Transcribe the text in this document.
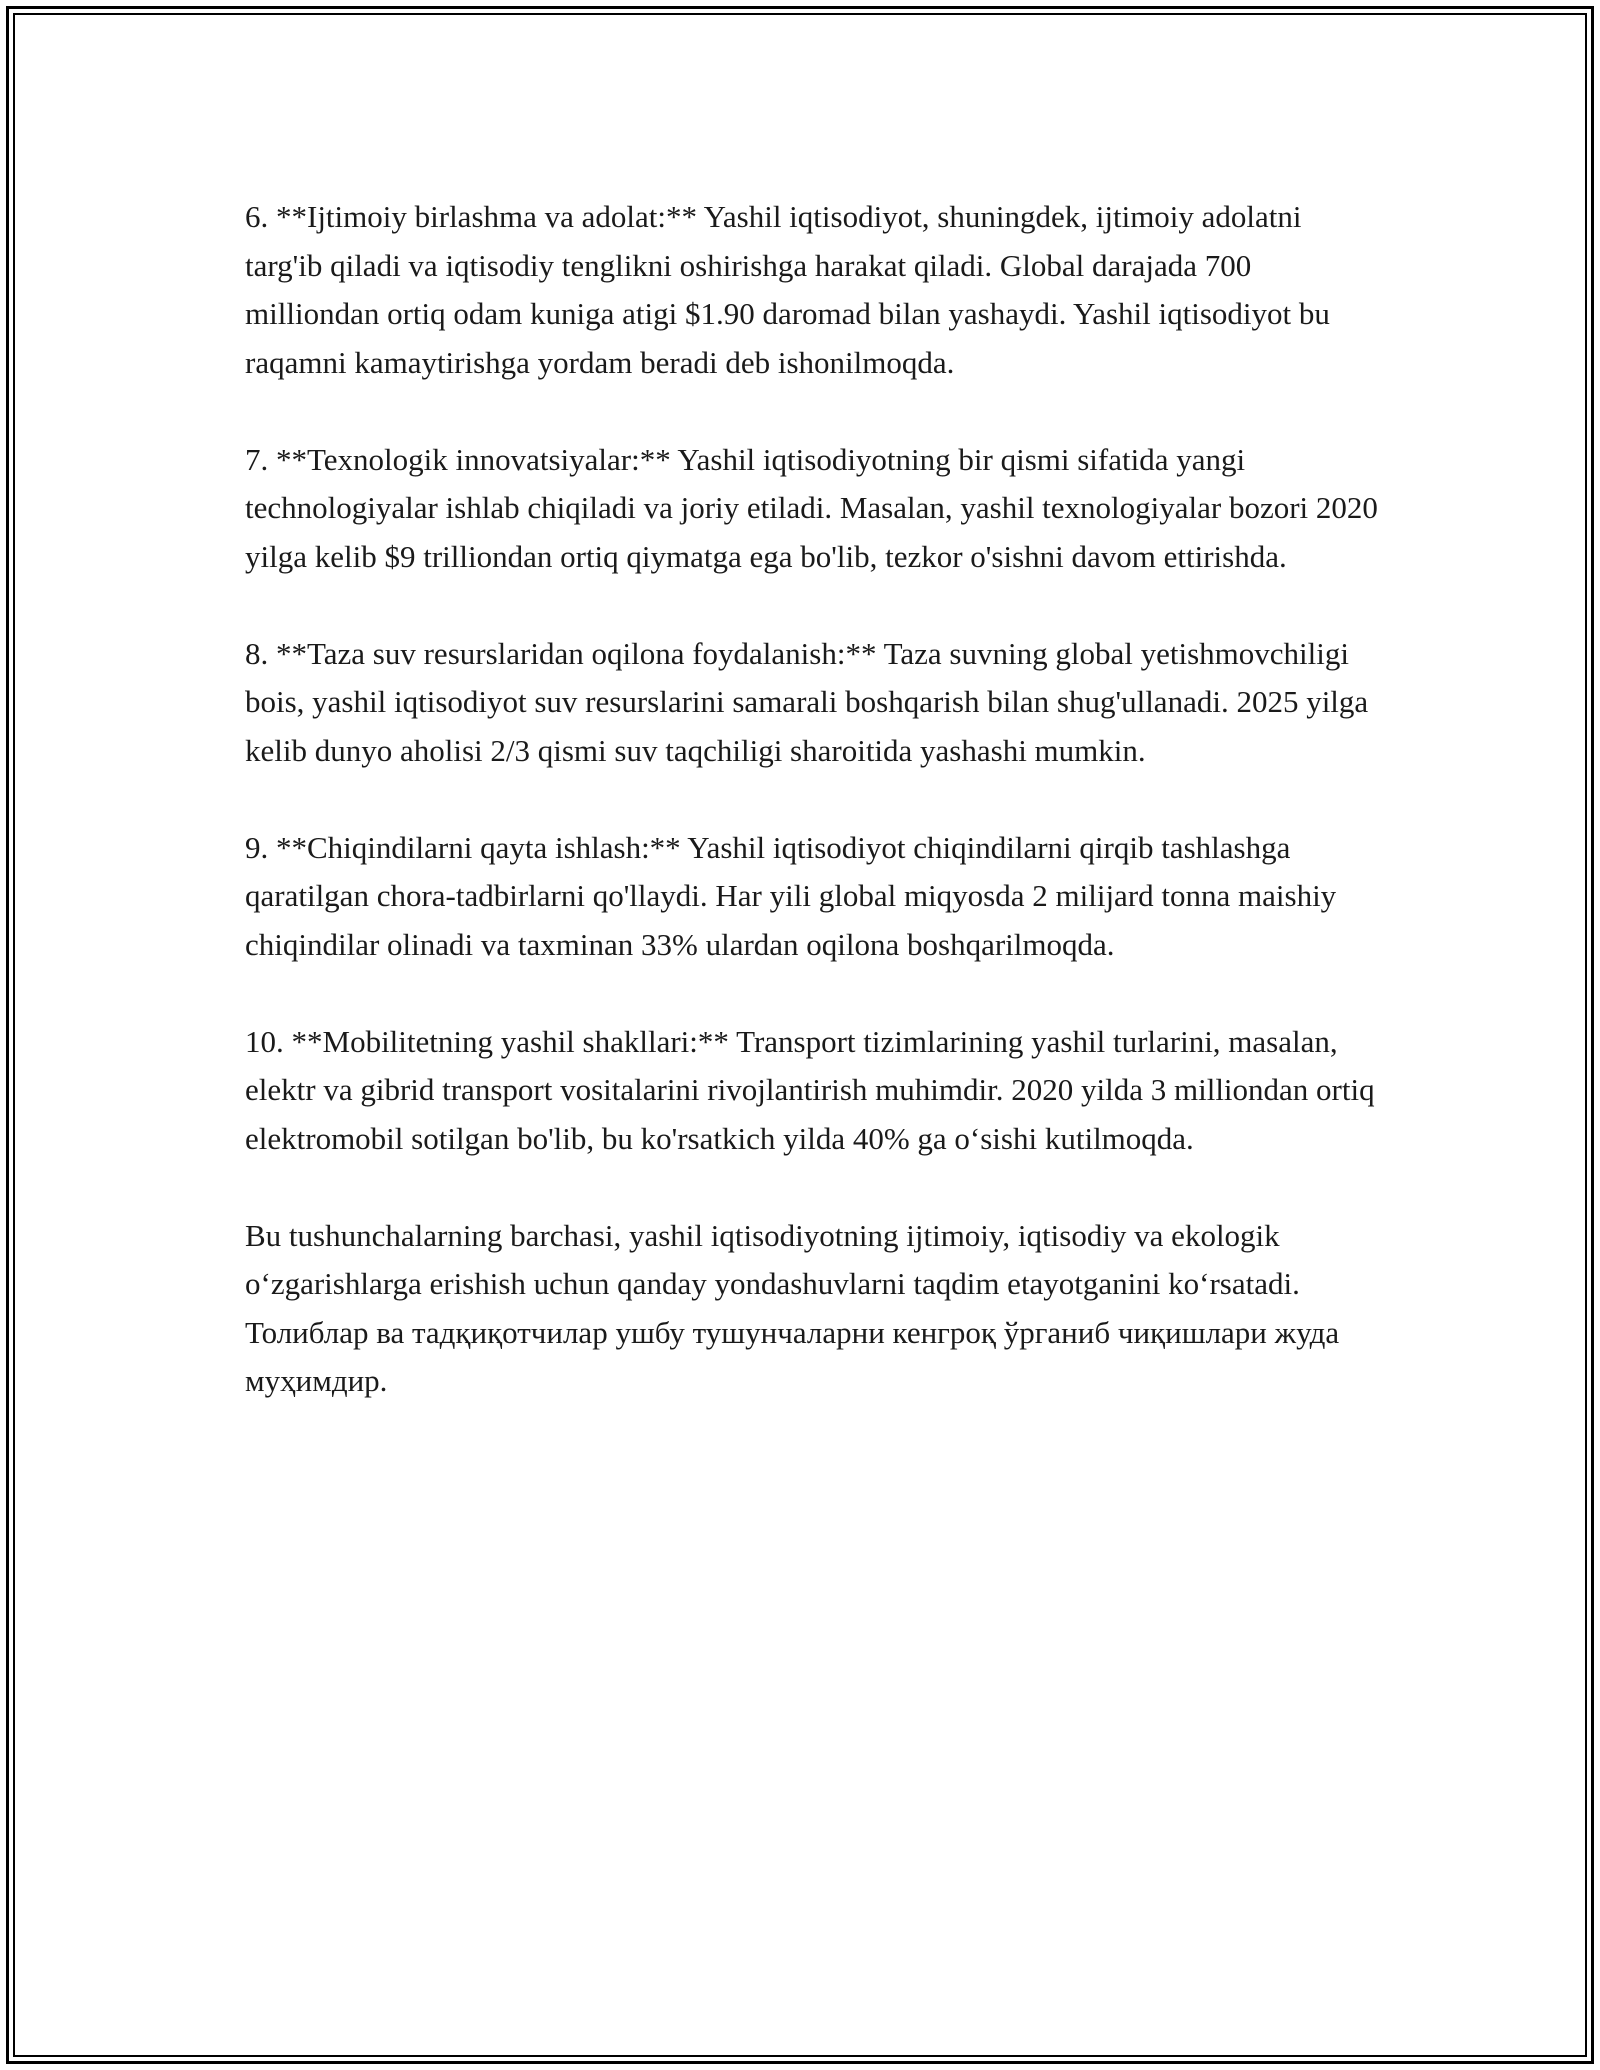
6. **Ijtimoiy birlashma va adolat:** Yashil iqtisodiyot, shuningdek, ijtimoiy adolatni targ'ib qiladi va iqtisodiy tenglikni oshirishga harakat qiladi. Global darajada 700 milliondan ortiq odam kuniga atigi $1.90 daromad bilan yashaydi. Yashil iqtisodiyot bu raqamni kamaytirishga yordam beradi deb ishonilmoqda.

7. **Texnologik innovatsiyalar:** Yashil iqtisodiyotning bir qismi sifatida yangi technologiyalar ishlab chiqiladi va joriy etiladi. Masalan, yashil texnologiyalar bozori 2020 yilga kelib $9 trilliondan ortiq qiymatga ega bo'lib, tezkor o'sishni davom ettirishda.

8. **Taza suv resurslaridan oqilona foydalanish:** Taza suvning global yetishmovchiligi bois, yashil iqtisodiyot suv resurslarini samarali boshqarish bilan shug'ullanadi. 2025 yilga kelib dunyo aholisi 2/3 qismi suv taqchiligi sharoitida yashashi mumkin.

9. **Chiqindilarni qayta ishlash:** Yashil iqtisodiyot chiqindilarni qirqib tashlashga qaratilgan chora-tadbirlarni qo'llaydi. Har yili global miqyosda 2 milijard tonna maishiy chiqindilar olinadi va taxminan 33% ulardan oqilona boshqarilmoqda.

10. **Mobilitetning yashil shakllari:** Transport tizimlarining yashil turlarini, masalan, elektr va gibrid transport vositalarini rivojlantirish muhimdir. 2020 yilda 3 milliondan ortiq elektromobil sotilgan bo'lib, bu ko'rsatkich yilda 40% ga o‘sishi kutilmoqda.

Bu tushunchalarning barchasi, yashil iqtisodiyotning ijtimoiy, iqtisodiy va ekologik o‘zgarishlarga erishish uchun qanday yondashuvlarni taqdim etayotganini ko‘rsatadi. Толиблар ва тадқиқотчилар ушбу тушунчаларни кенгроқ ўрганиб чиқишлари жуда муҳимдир.
